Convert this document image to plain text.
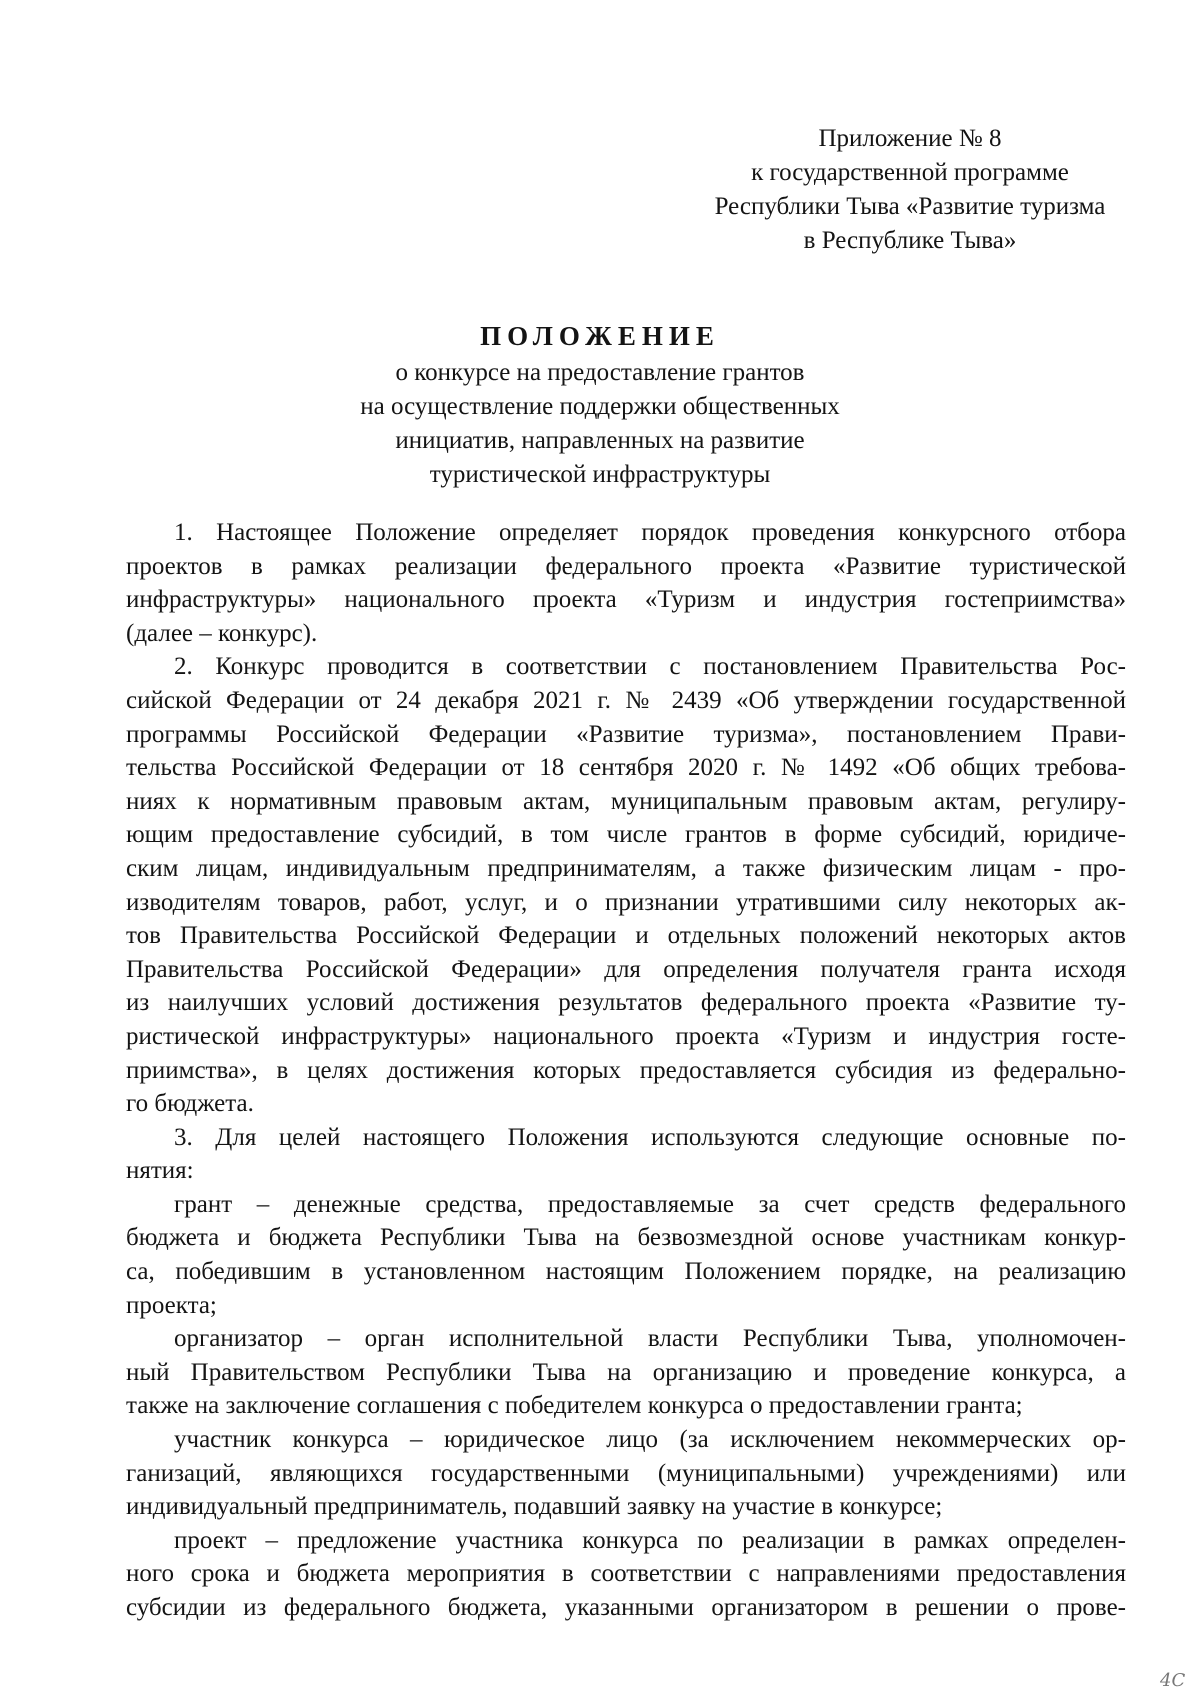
Приложение № 8
к государственной программе
Республики Тыва «Развитие туризма
в Республике Тыва»
ПОЛОЖЕНИЕ
о конкурсе на предоставление грантов
на осуществление поддержки общественных
инициатив, направленных на развитие
туристической инфраструктуры
1. Настоящее Положение определяет порядок проведения конкурсного отбора
проектов в рамках реализации федерального проекта «Развитие туристической
инфраструктуры» национального проекта «Туризм и индустрия гостеприимства»
(далее – конкурс).
2. Конкурс проводится в соответствии с постановлением Правительства Рос-
сийской Федерации от 24 декабря 2021 г. № 2439 «Об утверждении государственной
программы Российской Федерации «Развитие туризма», постановлением Прави-
тельства Российской Федерации от 18 сентября 2020 г. № 1492 «Об общих требова-
ниях к нормативным правовым актам, муниципальным правовым актам, регулиру-
ющим предоставление субсидий, в том числе грантов в форме субсидий, юридиче-
ским лицам, индивидуальным предпринимателям, а также физическим лицам - про-
изводителям товаров, работ, услуг, и о признании утратившими силу некоторых ак-
тов Правительства Российской Федерации и отдельных положений некоторых актов
Правительства Российской Федерации» для определения получателя гранта исходя
из наилучших условий достижения результатов федерального проекта «Развитие ту-
ристической инфраструктуры» национального проекта «Туризм и индустрия госте-
приимства», в целях достижения которых предоставляется субсидия из федерально-
го бюджета.
3. Для целей настоящего Положения используются следующие основные по-
нятия:
грант – денежные средства, предоставляемые за счет средств федерального
бюджета и бюджета Республики Тыва на безвозмездной основе участникам конкур-
са, победившим в установленном настоящим Положением порядке, на реализацию
проекта;
организатор – орган исполнительной власти Республики Тыва, уполномочен-
ный Правительством Республики Тыва на организацию и проведение конкурса, а
также на заключение соглашения с победителем конкурса о предоставлении гранта;
участник конкурса – юридическое лицо (за исключением некоммерческих ор-
ганизаций, являющихся государственными (муниципальными) учреждениями) или
индивидуальный предприниматель, подавший заявку на участие в конкурсе;
проект – предложение участника конкурса по реализации в рамках определен-
ного срока и бюджета мероприятия в соответствии с направлениями предоставления
субсидии из федерального бюджета, указанными организатором в решении о прове-
4С
